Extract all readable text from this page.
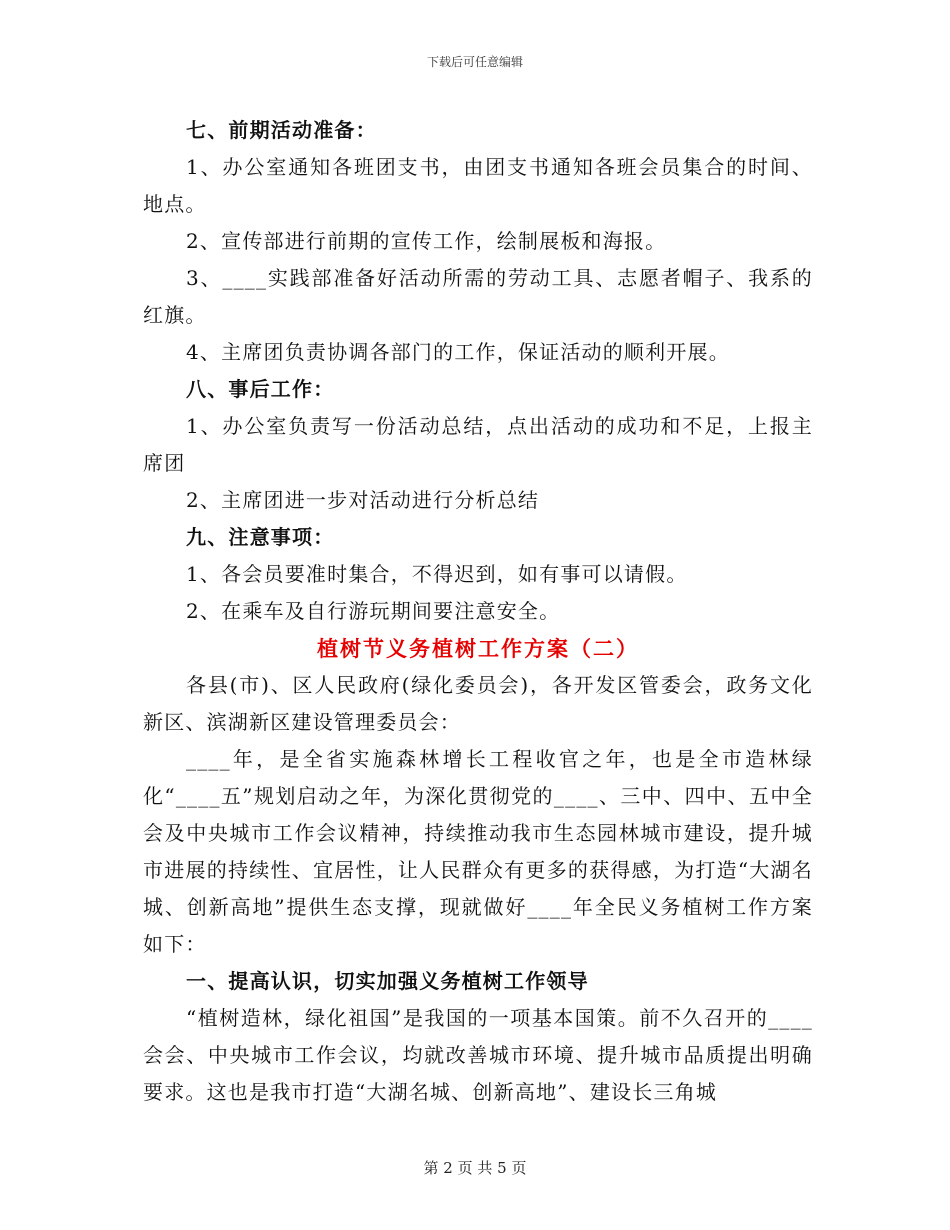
下载后可任意编辑

七、前期活动准备：

1、办公室通知各班团支书，由团支书通知各班会员集合的时间、地点。

2、宣传部进行前期的宣传工作，绘制展板和海报。

3、____实践部准备好活动所需的劳动工具、志愿者帽子、我系的红旗。

4、主席团负责协调各部门的工作，保证活动的顺利开展。

八、事后工作：

1、办公室负责写一份活动总结，点出活动的成功和不足，上报主席团

2、主席团进一步对活动进行分析总结

九、注意事项：

1、各会员要准时集合，不得迟到，如有事可以请假。

2、在乘车及自行游玩期间要注意安全。

植树节义务植树工作方案（二）

各县(市)、区人民政府(绿化委员会)，各开发区管委会，政务文化新区、滨湖新区建设管理委员会：

____年，是全省实施森林增长工程收官之年，也是全市造林绿化“____五”规划启动之年，为深化贯彻党的____、三中、四中、五中全会及中央城市工作会议精神，持续推动我市生态园林城市建设，提升城市进展的持续性、宜居性，让人民群众有更多的获得感，为打造“大湖名城、创新高地”提供生态支撑，现就做好____年全民义务植树工作方案如下：

一、提高认识，切实加强义务植树工作领导

“植树造林，绿化祖国”是我国的一项基本国策。前不久召开的____会会、中央城市工作会议，均就改善城市环境、提升城市品质提出明确要求。这也是我市打造“大湖名城、创新高地”、建设长三角城

第 2 页 共 5 页
